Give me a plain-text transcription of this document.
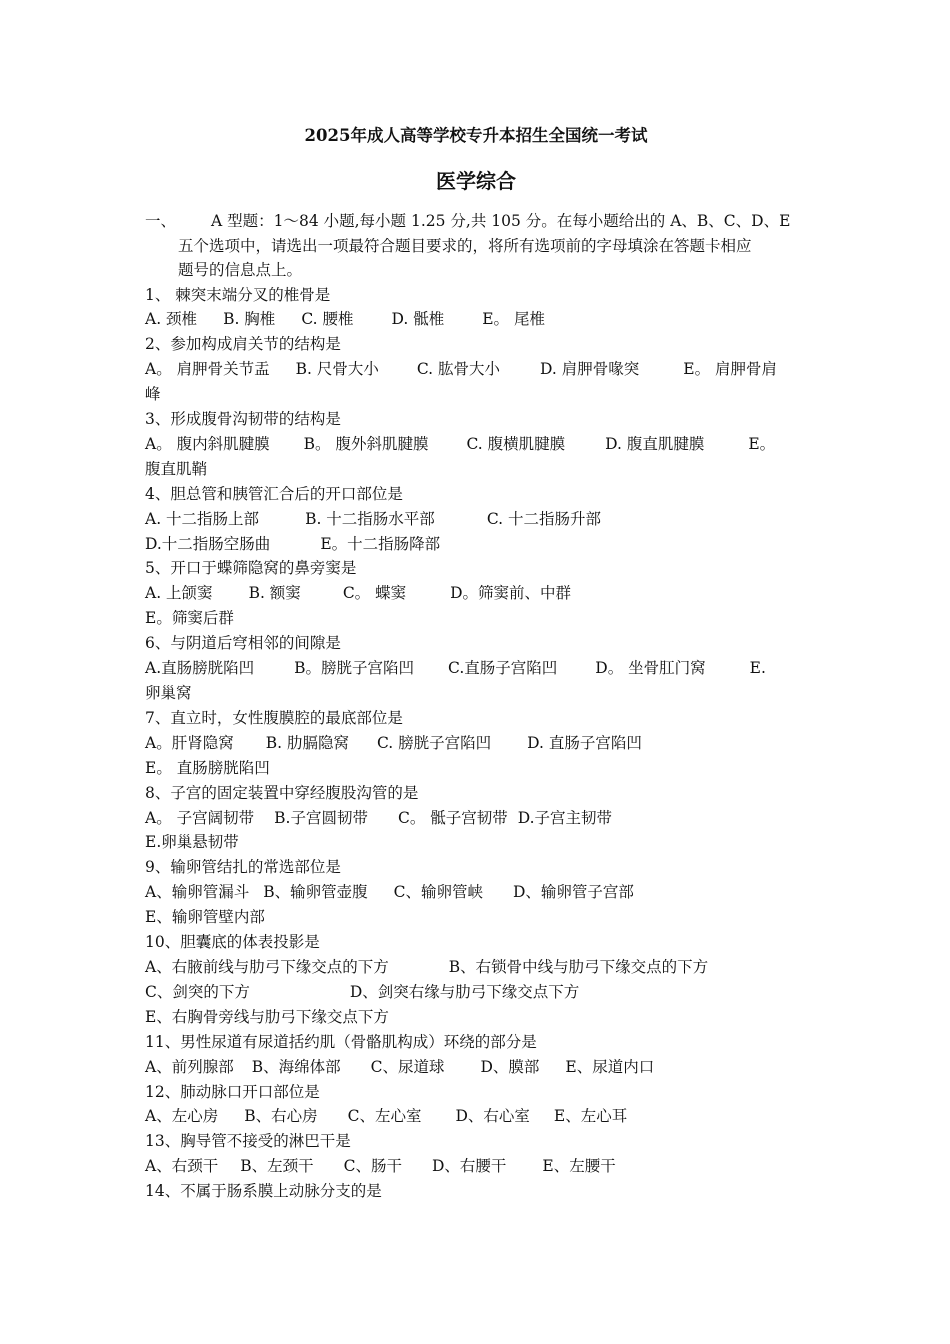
2025年成人高等学校专升本招生全国统一考试
医学综合
一、	A 型题：1～84 小题,每小题 1.25 分,共 105 分。在每小题给出的 A、B、C、D、E
五个选项中，请选出一项最符合题目要求的，将所有选项前的字母填涂在答题卡相应
题号的信息点上。
1、 棘突末端分叉的椎骨是
A. 颈椎 B. 胸椎 C. 腰椎 D. 骶椎 E。 尾椎
2、参加构成肩关节的结构是
A。 肩胛骨关节盂 B. 尺骨大小 C. 肱骨大小	D. 肩胛骨喙突	E。 肩胛骨肩
峰
3、形成腹骨沟韧带的结构是
A。 腹内斜肌腱膜 B。 腹外斜肌腱膜 C. 腹横肌腱膜	D. 腹直肌腱膜	E。
腹直肌鞘
4、胆总管和胰管汇合后的开口部位是
A. 十二指肠上部	B. 十二指肠水平部	C. 十二指肠升部
D.十二指肠空肠曲	E。十二指肠降部
5、开口于蝶筛隐窝的鼻旁窦是
A. 上颌窦 B. 额窦	C。 蝶窦	D。筛窦前、中群
E。筛窦后群
6、与阴道后穹相邻的间隙是
A.直肠膀胱陷凹	B。膀胱子宫陷凹 C.直肠子宫陷凹 D。 坐骨肛门窝	E.
卵巢窝
7、直立时，女性腹膜腔的最底部位是
A。肝肾隐窝 B. 肋膈隐窝 C. 膀胱子宫陷凹 D. 直肠子宫陷凹
E。 直肠膀胱陷凹
8、子宫的固定装置中穿经腹股沟管的是
A。 子宫阔韧带 B.子宫圆韧带 C。 骶子宫韧带 D.子宫主韧带
E.卵巢悬韧带
9、输卵管结扎的常选部位是
A、输卵管漏斗 B、输卵管壶腹 C、输卵管峡 D、输卵管子宫部
E、输卵管壁内部
10、胆囊底的体表投影是
A、右腋前线与肋弓下缘交点的下方	B、右锁骨中线与肋弓下缘交点的下方
C、剑突的下方	D、剑突右缘与肋弓下缘交点下方
E、右胸骨旁线与肋弓下缘交点下方
11、男性尿道有尿道括约肌（骨骼肌构成）环绕的部分是
A、前列腺部 B、海绵体部 C、尿道球 D、膜部 E、尿道内口
12、肺动脉口开口部位是
A、左心房 B、右心房 C、左心室 D、右心室 E、左心耳
13、胸导管不接受的淋巴干是
A、右颈干 B、左颈干 C、肠干 D、右腰干 E、左腰干
14、不属于肠系膜上动脉分支的是
